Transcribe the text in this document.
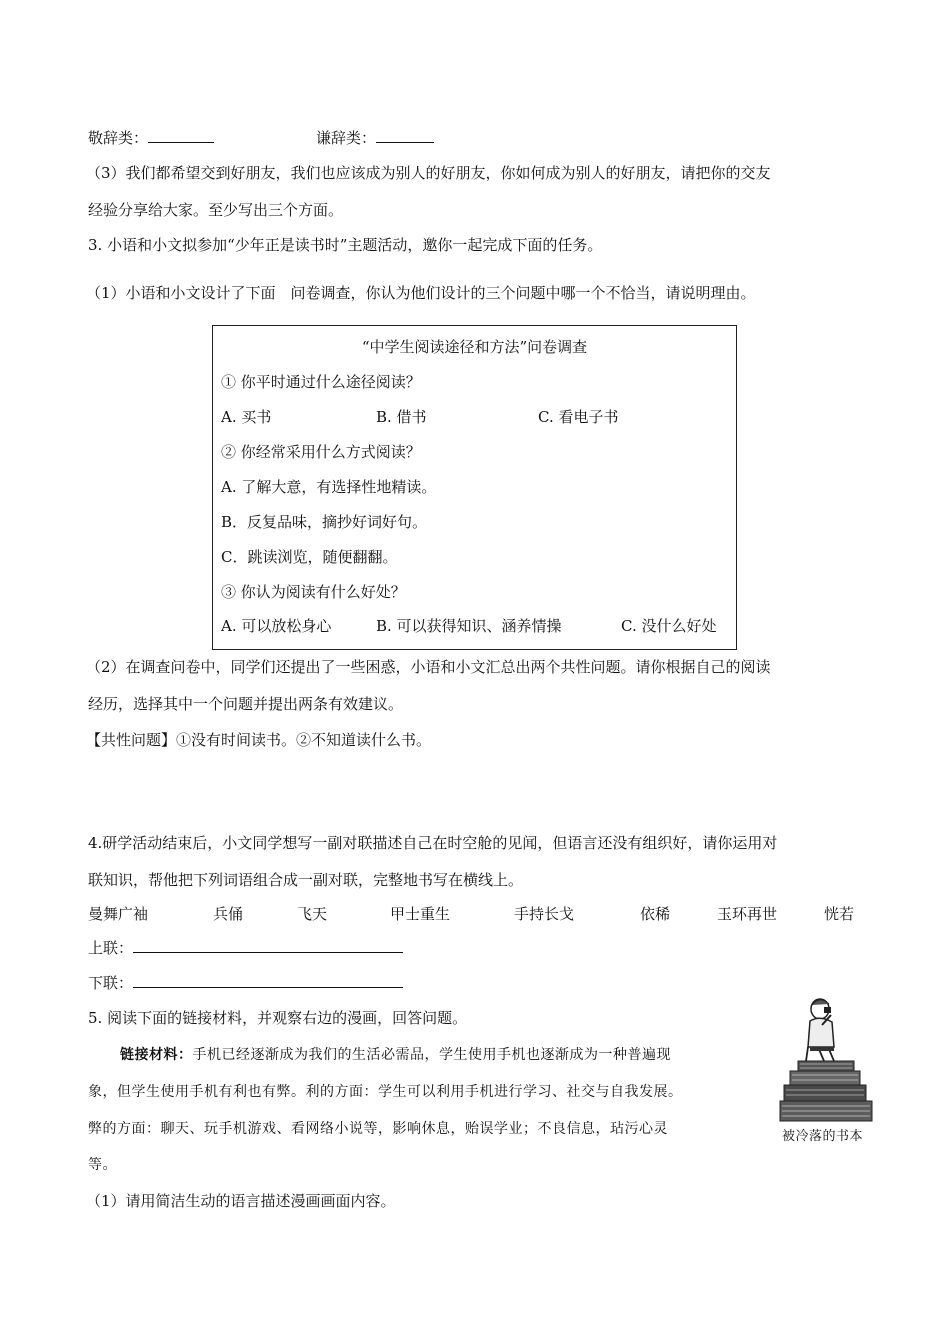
敬辞类：	谦辞类：
（3）我们都希望交到好朋友，我们也应该成为别人的好朋友，你如何成为别人的好朋友，请把你的交友
经验分享给大家。至少写出三个方面。
3. 小语和小文拟参加“少年正是读书时”主题活动，邀你一起完成下面的任务。
（1）小语和小文设计了下面　问卷调查，你认为他们设计的三个问题中哪一个不恰当，请说明理由。
“中学生阅读途径和方法”问卷调查
① 你平时通过什么途径阅读？
A. 买书	B. 借书	C. 看电子书
② 你经常采用什么方式阅读？
A. 了解大意，有选择性地精读。
B．反复品味，摘抄好词好句。
C．跳读浏览，随便翻翻。
③ 你认为阅读有什么好处？
A. 可以放松身心	B. 可以获得知识、涵养情操	C. 没什么好处
（2）在调查问卷中，同学们还提出了一些困惑，小语和小文汇总出两个共性问题。请你根据自己的阅读
经历，选择其中一个问题并提出两条有效建议。
【共性问题】①没有时间读书。②不知道读什么书。
4.研学活动结束后，小文同学想写一副对联描述自己在时空舱的见闻，但语言还没有组织好，请你运用对
联知识，帮他把下列词语组合成一副对联，完整地书写在横线上。
曼舞广袖	兵俑	飞天	甲士重生	手持长戈	依稀	玉环再世	恍若
上联：
下联：
5. 阅读下面的链接材料，并观察右边的漫画，回答问题。
链接材料：手机已经逐渐成为我们的生活必需品，学生使用手机也逐渐成为一种普遍现
象，但学生使用手机有利也有弊。利的方面：学生可以利用手机进行学习、社交与自我发展。
弊的方面：聊天、玩手机游戏、看网络小说等，影响休息，贻误学业；不良信息，玷污心灵
等。
被冷落的书本
（1）请用简洁生动的语言描述漫画画面内容。
